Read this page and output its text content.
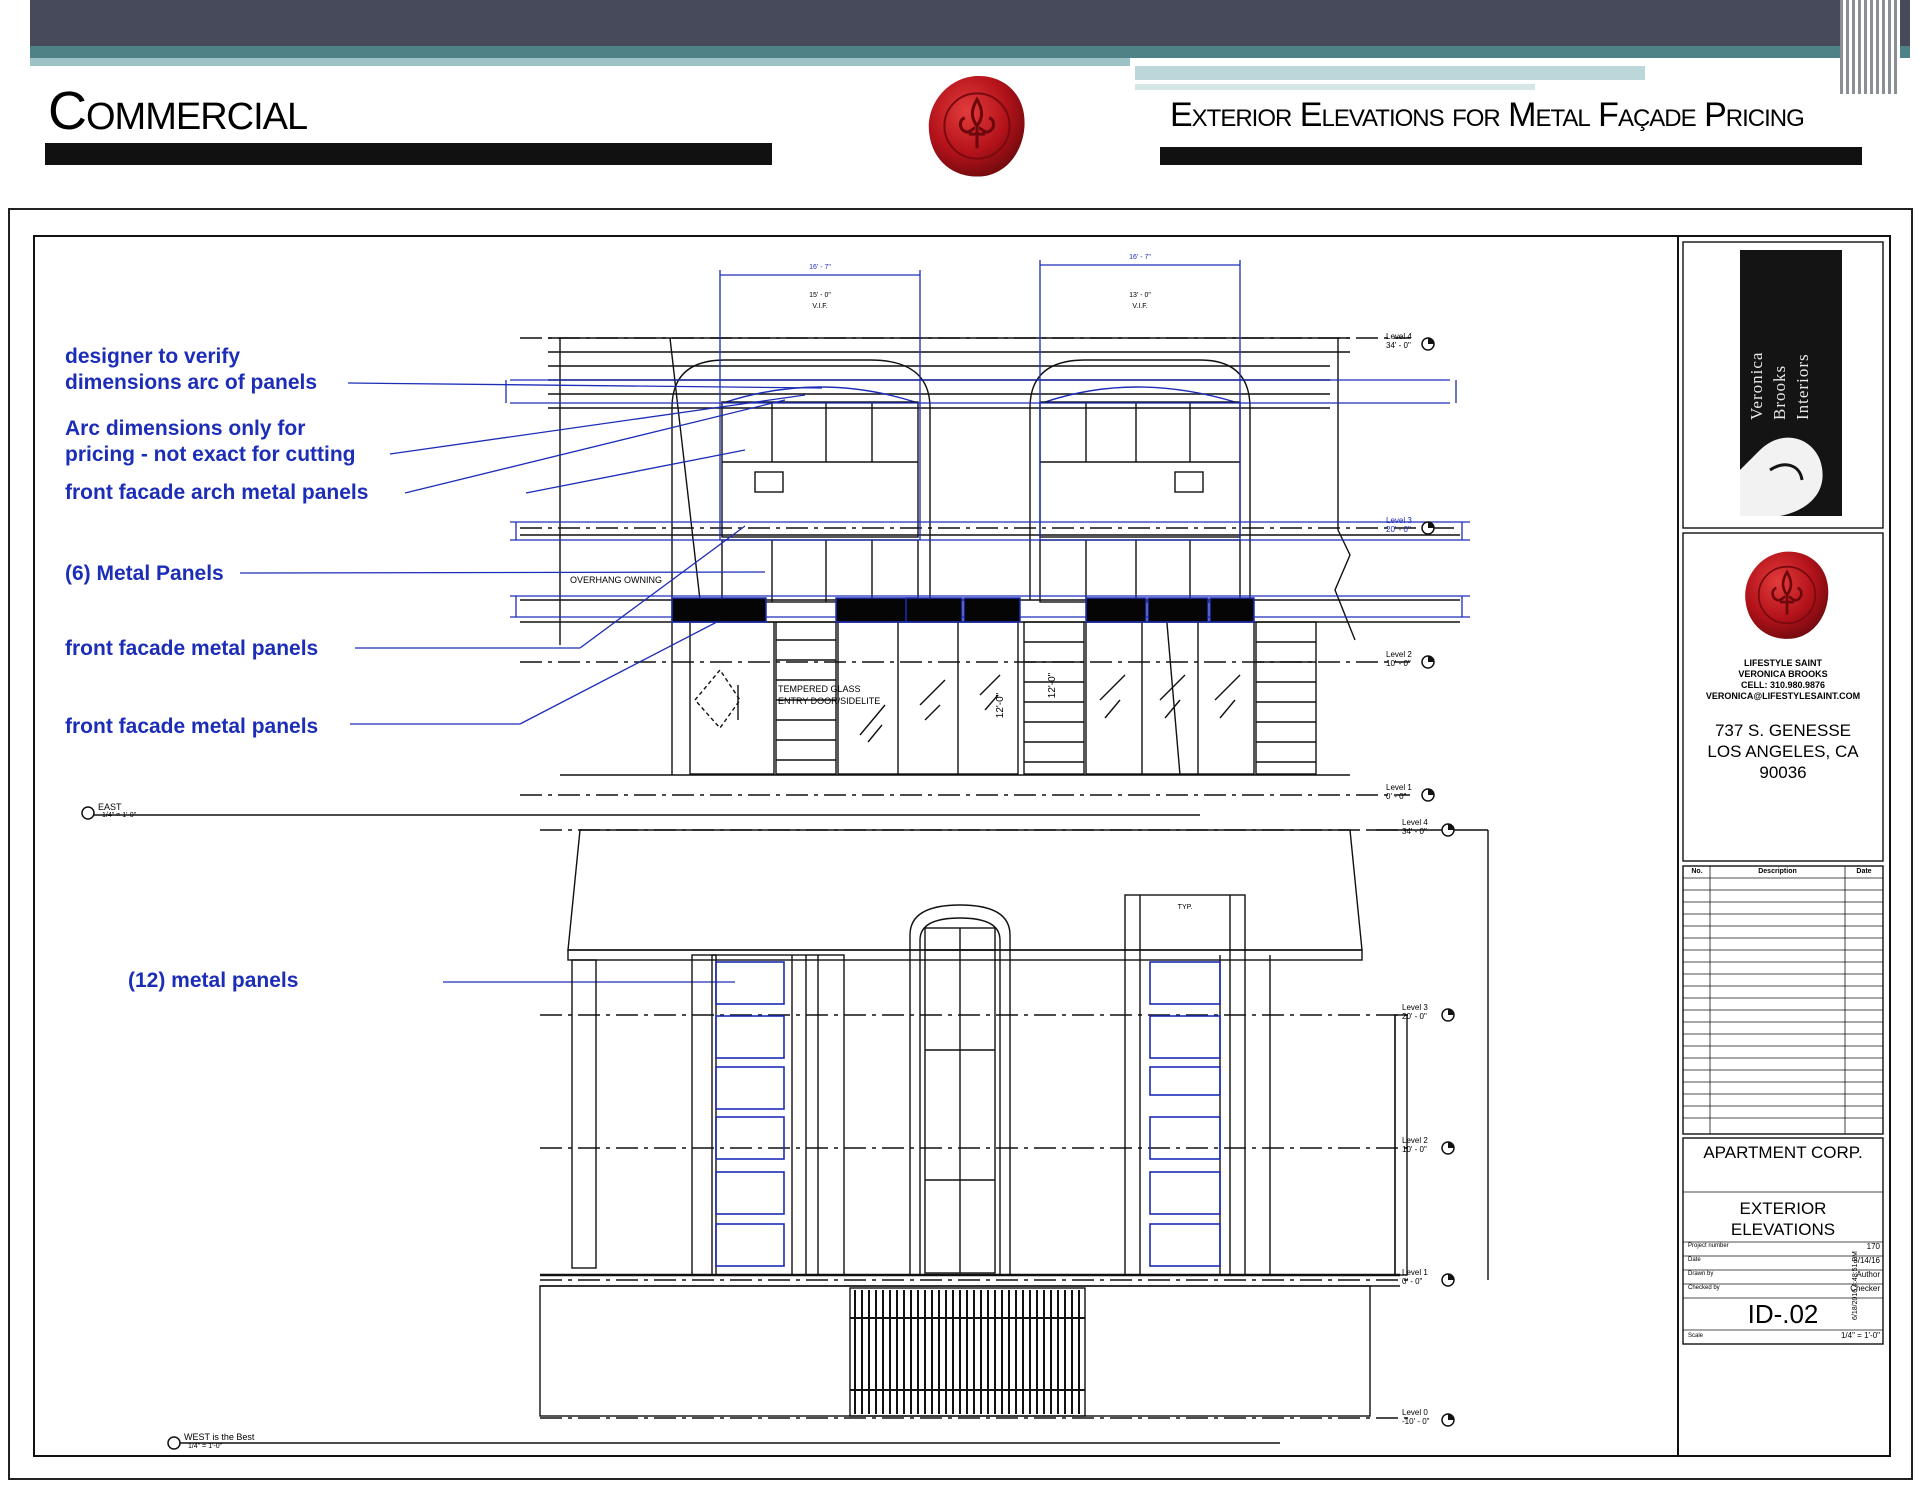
Commercial	Exterior Elevations for Metal Façade Pricing
designer to verify
dimensions arc of panels
Arc dimensions only for
pricing - not exact for cutting
front facade arch metal panels
(6) Metal Panels
front facade metal panels
front facade metal panels
(12) metal panels
OVERHANG OWNING
TEMPERED GLASS
ENTRY DOOR/SIDELITE
16' - 7"
16' - 7"
15' - 0"	13' - 0"
V.I.F.	V.I.F.
TYP.
12'-0"
12'-0"
EAST
1/4" = 1'-0"
WEST is the Best
1/4" = 1'-0"
Level 4
34' - 0"
Level 3
20' - 0"
Level 2
10' - 0"
Level 1
0' - 0"
Level 4
34' - 0"
Level 3
20' - 0"
Level 2
10' - 0"
Level 1
0' - 0"
Level 0
-10' - 0"
Veronica Brooks Interiors
LIFESTYLE SAINT
VERONICA BROOKS
CELL: 310.980.9876
VERONICA@LIFESTYLESAINT.COM
737 S. GENESSE
LOS ANGELES, CA
90036
No.	Description	Date
APARTMENT CORP.
EXTERIOR
ELEVATIONS
Project number	170
Date	3/14/16
Drawn by	Author
Checked by	Checker
ID-.02
Scale	1/4" = 1'-0"
6/18/2016 4:48:51 PM
